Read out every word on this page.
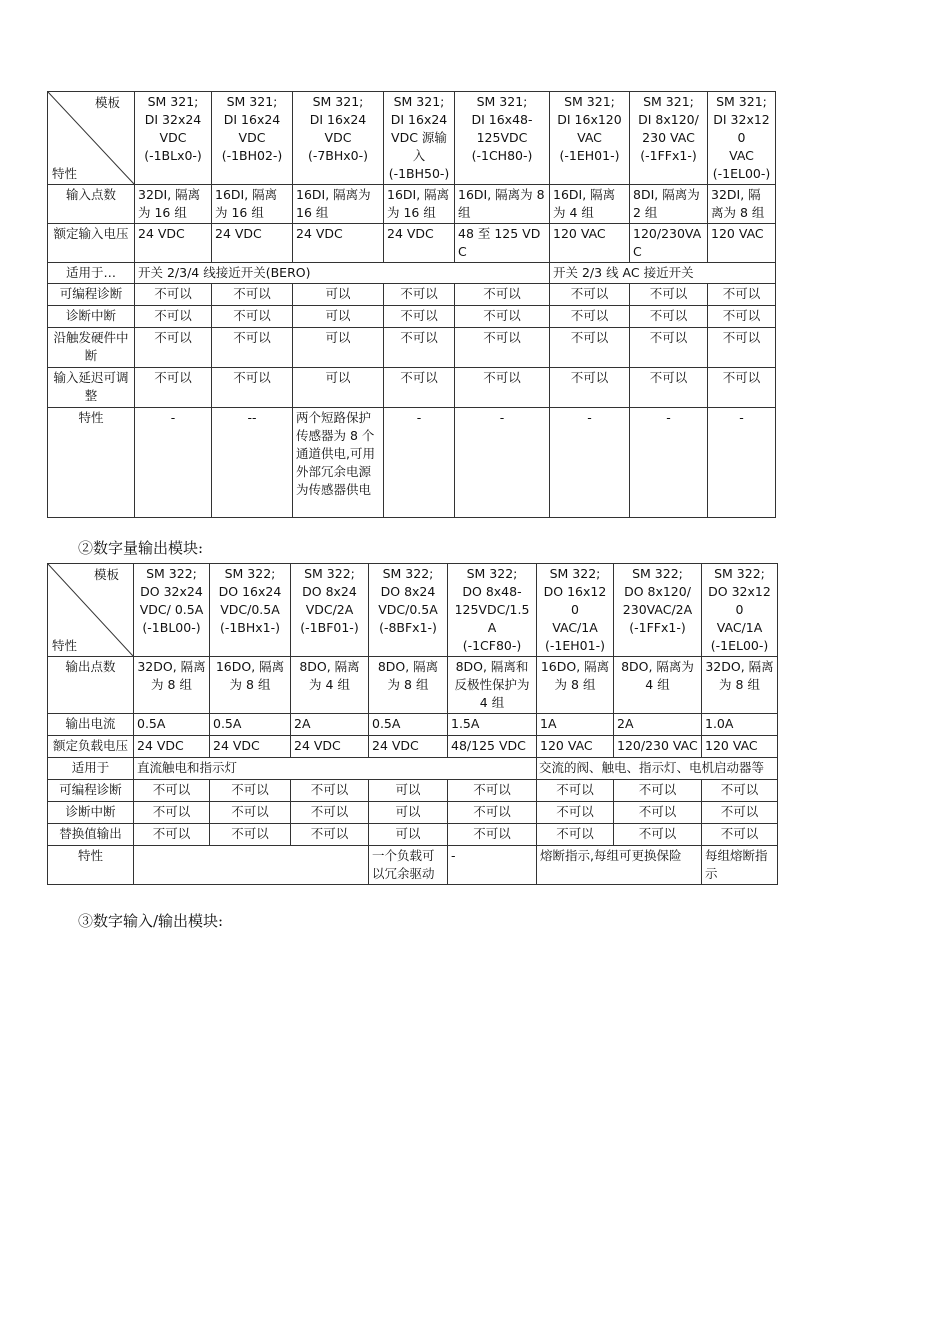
模板
特性	SM 321;
DI 32x24
VDC
(-1BLx0-)	SM 321;
DI 16x24
VDC
(-1BH02-)	SM 321;
DI 16x24
VDC
(-7BHx0-)	SM 321;
DI 16x24
VDC 源输入
(-1BH50-)	SM 321;
DI 16x48-
125VDC
(-1CH80-)	SM 321;
DI 16x120
VAC
(-1EH01-)	SM 321;
DI 8x120/
230 VAC
(-1FFx1-)	SM 321;
DI 32x120
VAC
(-1EL00-)
输入点数	32DI, 隔离为 16 组	16DI, 隔离为 16 组	16DI, 隔离为 16 组	16DI, 隔离为 16 组	16DI, 隔离为 8 组	16DI, 隔离为 4 组	8DI, 隔离为 2 组	32DI, 隔离为 8 组
额定输入电压	24 VDC	24 VDC	24 VDC	24 VDC	48 至 125 VDC	120 VAC	120/230VAC	120 VAC
适用于…	开关 2/3/4 线接近开关(BERO)					开关 2/3 线 AC 接近开关		
可编程诊断	不可以	不可以	可以	不可以	不可以	不可以	不可以	不可以
诊断中断	不可以	不可以	可以	不可以	不可以	不可以	不可以	不可以
沿触发硬件中断	不可以	不可以	可以	不可以	不可以	不可以	不可以	不可以
输入延迟可调整	不可以	不可以	可以	不可以	不可以	不可以	不可以	不可以
特性	-	--	两个短路保护传感器为 8 个通道供电,可用外部冗余电源为传感器供电	-	-	-	-	-
②数字量输出模块:
模板
特性	SM 322;
DO 32x24
VDC/ 0.5A
(-1BL00-)	SM 322;
DO 16x24
VDC/0.5A
(-1BHx1-)	SM 322;
DO 8x24
VDC/2A
(-1BF01-)	SM 322;
DO 8x24
VDC/0.5A
(-8BFx1-)	SM 322;
DO 8x48-
125VDC/1.5A
(-1CF80-)	SM 322;
DO 16x120
VAC/1A
(-1EH01-)	SM 322;
DO 8x120/
230VAC/2A
(-1FFx1-)	SM 322;
DO 32x120
VAC/1A
(-1EL00-)
输出点数	32DO, 隔离为 8 组	16DO, 隔离为 8 组	8DO, 隔离为 4 组	8DO, 隔离为 8 组	8DO, 隔离和反极性保护为 4 组	16DO, 隔离为 8 组	8DO, 隔离为 4 组	32DO, 隔离为 8 组
输出电流	0.5A	0.5A	2A	0.5A	1.5A	1A	2A	1.0A
额定负载电压	24 VDC	24 VDC	24 VDC	24 VDC	48/125 VDC	120 VAC	120/230 VAC	120 VAC
适用于	直流触电和指示灯					交流的阀、触电、指示灯、电机启动器等		
可编程诊断	不可以	不可以	不可以	可以	不可以	不可以	不可以	不可以
诊断中断	不可以	不可以	不可以	可以	不可以	不可以	不可以	不可以
替换值输出	不可以	不可以	不可以	可以	不可以	不可以	不可以	不可以
特性				一个负载可以冗余驱动	-	熔断指示,每组可更换保险		每组熔断指示
③数字输入/输出模块:
